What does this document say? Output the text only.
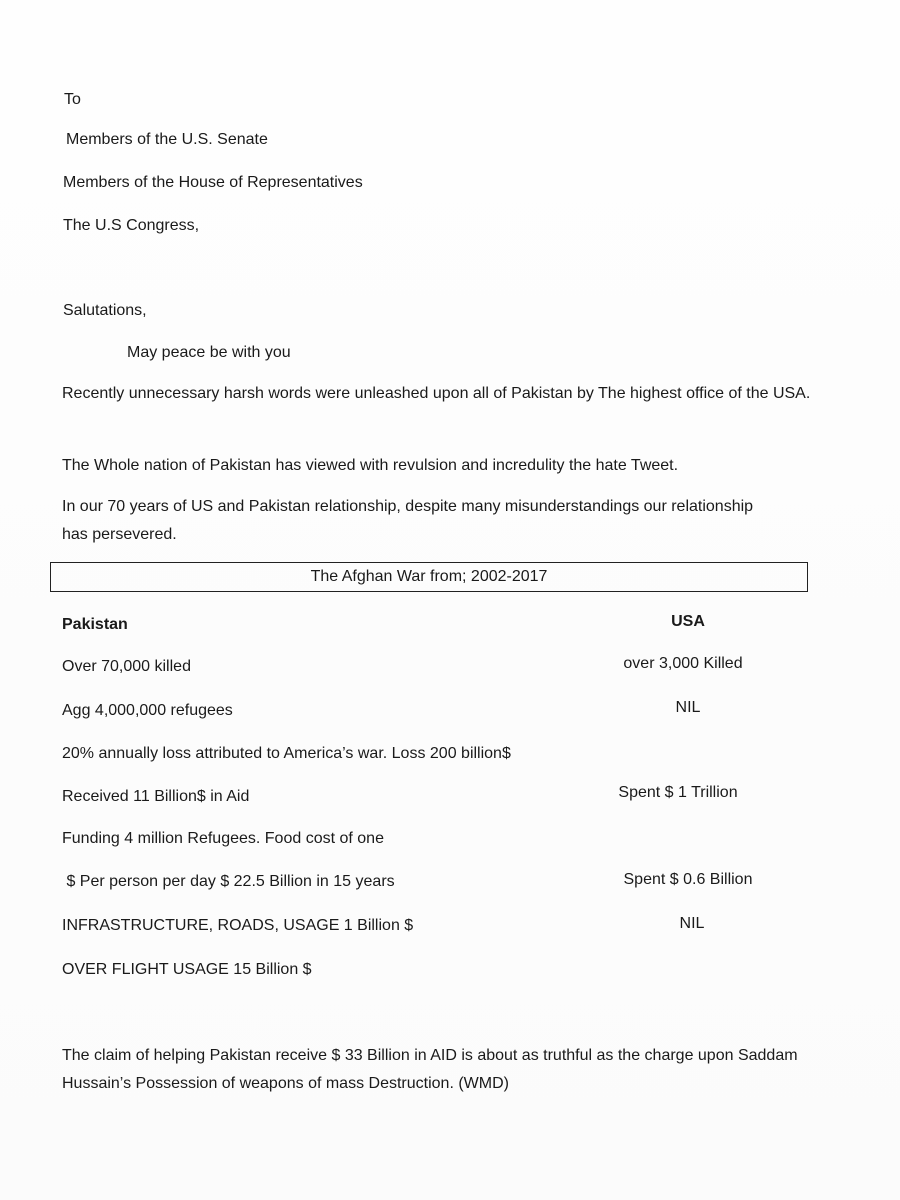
To
Members of the U.S. Senate
Members of the House of Representatives
The U.S Congress,
Salutations,
May peace be with you
Recently unnecessary harsh words were unleashed upon all of Pakistan by The highest office of the USA.
The Whole nation of Pakistan has viewed with revulsion and incredulity the hate Tweet.
In our 70 years of US and Pakistan relationship, despite many misunderstandings our relationship has persevered.
The Afghan War from; 2002-2017
Pakistan	USA
Over 70,000 killed	over 3,000 Killed
Agg 4,000,000 refugees	NIL
20% annually loss attributed to America’s war. Loss 200 billion$
Received 11 Billion$ in Aid	Spent $ 1 Trillion
Funding 4 million Refugees. Food cost of one
$ Per person per day $ 22.5 Billion in 15 years	Spent $ 0.6 Billion
INFRASTRUCTURE, ROADS, USAGE 1 Billion $	NIL
OVER FLIGHT USAGE 15 Billion $
The claim of helping Pakistan receive $ 33 Billion in AID is about as truthful as the charge upon Saddam Hussain’s Possession of weapons of mass Destruction. (WMD)
